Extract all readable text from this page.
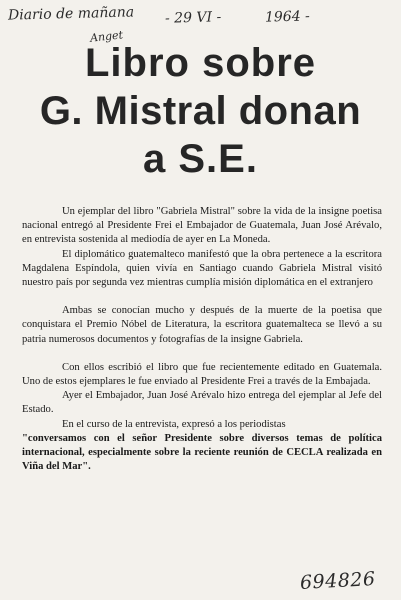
Diario de mañana - 29 VI -	1964 -
Anget
Libro sobre
G. Mistral donan
a S.E.

Un ejemplar del libro "Gabriela Mistral" sobre la vida de la insigne poetisa nacional entregó al Presidente Frei el Embajador de Guatemala, Juan José Arévalo, en entrevista sostenida al mediodía de ayer en La Moneda.

El diplomático guatemalteco manifestó que la obra pertenece a la escritora Magdalena Espíndola, quien vivía en Santiago cuando Gabriela Mistral visitó nuestro país por segunda vez mientras cumplía misión diplomática en el extranjero

Ambas se conocían mucho y después de la muerte de la poetisa que conquistara el Premio Nóbel de Literatura, la escritora guatemalteca se llevó a su patria numerosos documentos y fotografías de la insigne Gabriela.

Con ellos escribió el libro que fue recientemente editado en Guatemala. Uno de estos ejemplares le fue enviado al Presidente Frei a través de la Embajada.

Ayer el Embajador, Juan José Arévalo hizo entrega del ejemplar al Jefe del Estado.

En el curso de la entrevista, expresó a los periodistas

"conversamos con el señor Presidente sobre diversos temas de política internacional, especialmente sobre la reciente reunión de CECLA realizada en Viña del Mar".

694826
